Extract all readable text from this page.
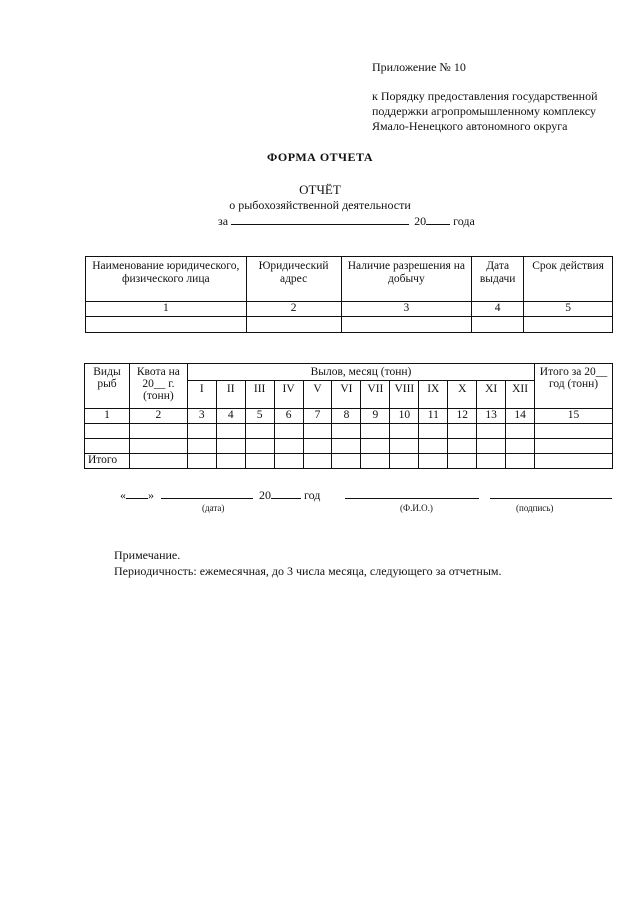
Приложение № 10
к Порядку предоставления государственной
поддержки агропромышленному комплексу
Ямало-Ненецкого автономного округа
ФОРМА ОТЧЕТА
ОТЧЁТ
о рыбохозяйственной деятельности
за	20 года
Наименование юридического, физического лица	Юридический адрес	Наличие разрешения на добычу	Дата выдачи	Срок действия
1	2	3	4	5

Виды рыб	Квота на 20__ г. (тонн)	Вылов, месяц (тонн)												Итого за 20__ год (тонн)
		I	II	III	IV	V	VI	VII	VIII	IX	X	XI	XII	
1	2	3	4	5	6	7	8	9	10	11	12	13	14	15

Итого														
« »	20	год
(дата)	(Ф.И.О.)	(подпись)
Примечание.
Периодичность: ежемесячная, до 3 числа месяца, следующего за отчетным.
